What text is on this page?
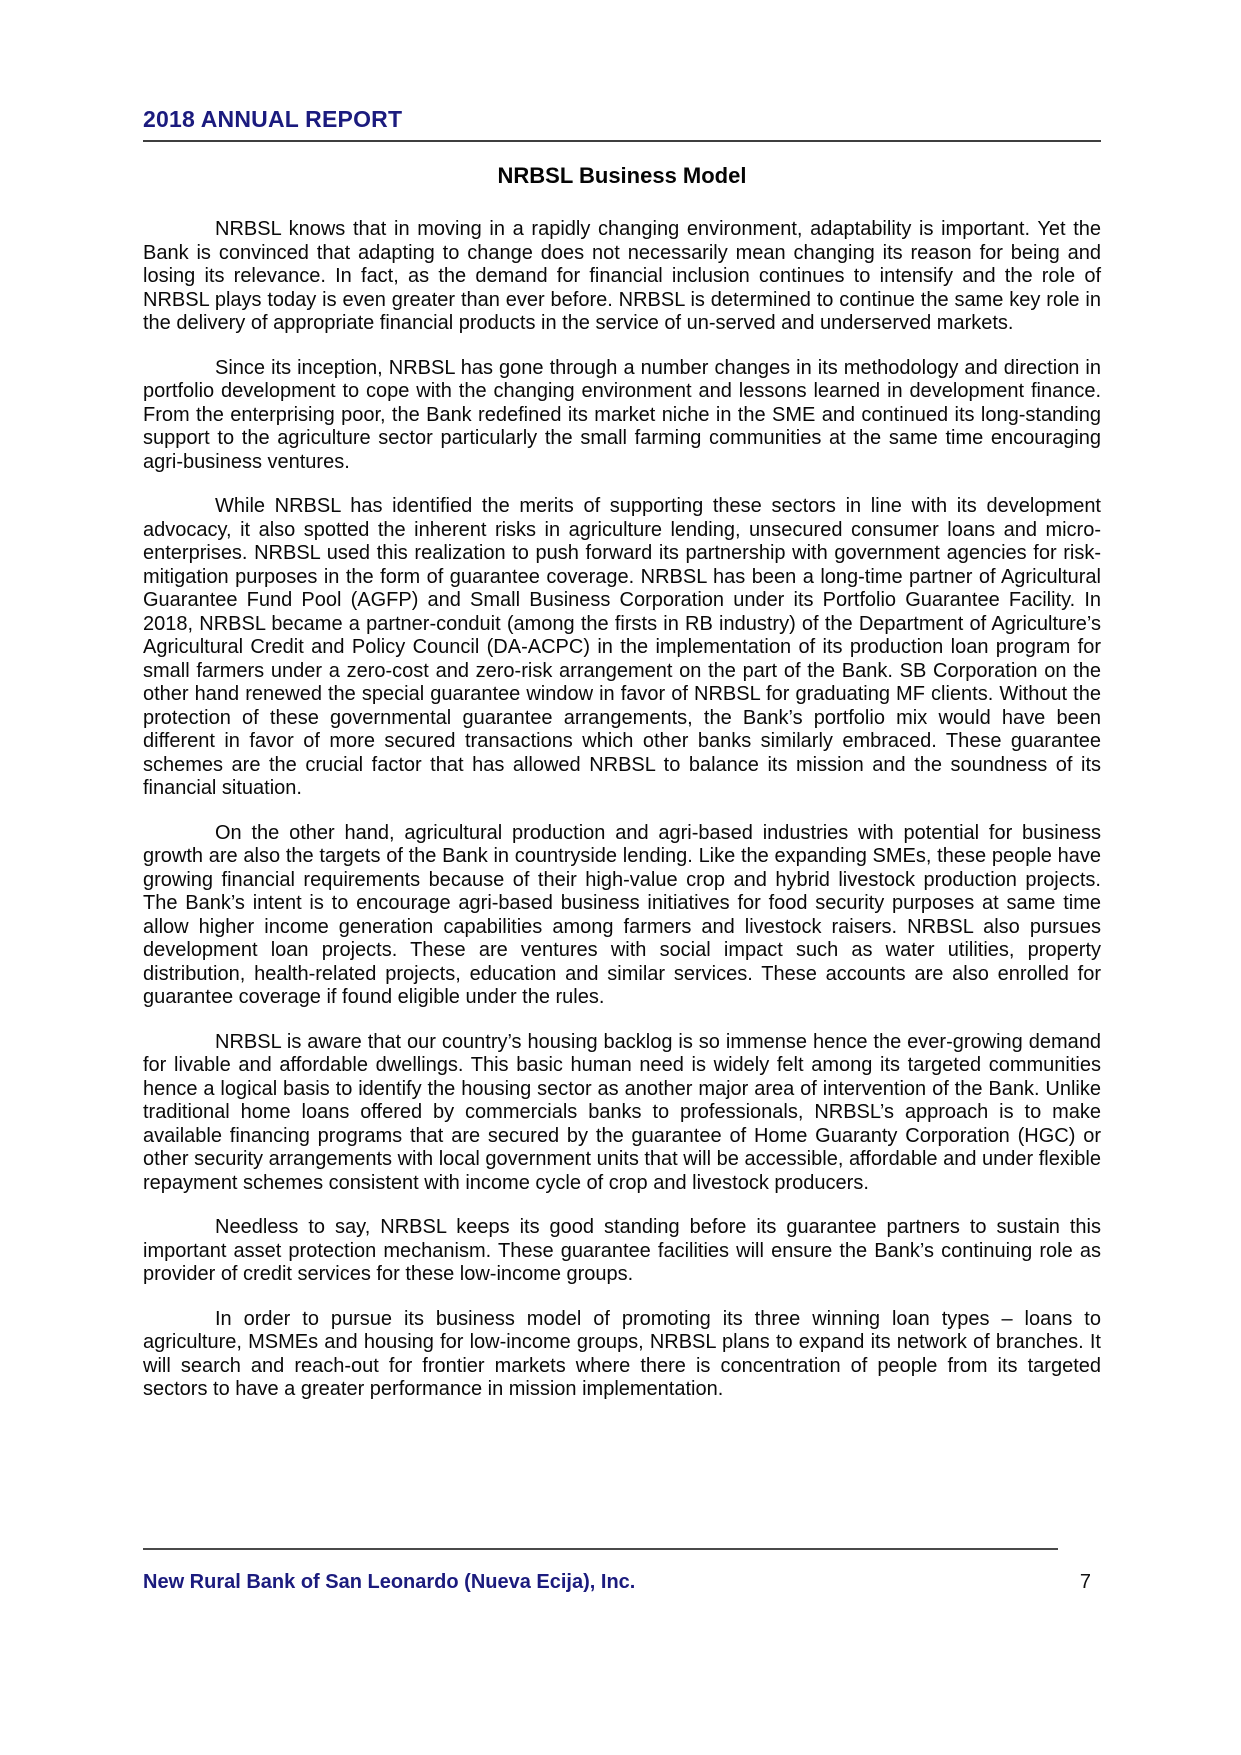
2018 ANNUAL REPORT
NRBSL Business Model

NRBSL knows that in moving in a rapidly changing environment, adaptability is important. Yet the Bank is convinced that adapting to change does not necessarily mean changing its reason for being and losing its relevance. In fact, as the demand for financial inclusion continues to intensify and the role of NRBSL plays today is even greater than ever before. NRBSL is determined to continue the same key role in the delivery of appropriate financial products in the service of un-served and underserved markets.

Since its inception, NRBSL has gone through a number changes in its methodology and direction in portfolio development to cope with the changing environment and lessons learned in development finance. From the enterprising poor, the Bank redefined its market niche in the SME and continued its long-standing support to the agriculture sector particularly the small farming communities at the same time encouraging agri-business ventures.

While NRBSL has identified the merits of supporting these sectors in line with its development advocacy, it also spotted the inherent risks in agriculture lending, unsecured consumer loans and micro-enterprises. NRBSL used this realization to push forward its partnership with government agencies for risk-mitigation purposes in the form of guarantee coverage. NRBSL has been a long-time partner of Agricultural Guarantee Fund Pool (AGFP) and Small Business Corporation under its Portfolio Guarantee Facility. In 2018, NRBSL became a partner-conduit (among the firsts in RB industry) of the Department of Agriculture’s Agricultural Credit and Policy Council (DA-ACPC) in the implementation of its production loan program for small farmers under a zero-cost and zero-risk arrangement on the part of the Bank. SB Corporation on the other hand renewed the special guarantee window in favor of NRBSL for graduating MF clients. Without the protection of these governmental guarantee arrangements, the Bank’s portfolio mix would have been different in favor of more secured transactions which other banks similarly embraced. These guarantee schemes are the crucial factor that has allowed NRBSL to balance its mission and the soundness of its financial situation.

On the other hand, agricultural production and agri-based industries with potential for business growth are also the targets of the Bank in countryside lending. Like the expanding SMEs, these people have growing financial requirements because of their high-value crop and hybrid livestock production projects. The Bank’s intent is to encourage agri-based business initiatives for food security purposes at same time allow higher income generation capabilities among farmers and livestock raisers. NRBSL also pursues development loan projects. These are ventures with social impact such as water utilities, property distribution, health-related projects, education and similar services. These accounts are also enrolled for guarantee coverage if found eligible under the rules.

NRBSL is aware that our country’s housing backlog is so immense hence the ever-growing demand for livable and affordable dwellings. This basic human need is widely felt among its targeted communities hence a logical basis to identify the housing sector as another major area of intervention of the Bank. Unlike traditional home loans offered by commercials banks to professionals, NRBSL’s approach is to make available financing programs that are secured by the guarantee of Home Guaranty Corporation (HGC) or other security arrangements with local government units that will be accessible, affordable and under flexible repayment schemes consistent with income cycle of crop and livestock producers.

Needless to say, NRBSL keeps its good standing before its guarantee partners to sustain this important asset protection mechanism. These guarantee facilities will ensure the Bank’s continuing role as provider of credit services for these low-income groups.

In order to pursue its business model of promoting its three winning loan types – loans to agriculture, MSMEs and housing for low-income groups, NRBSL plans to expand its network of branches. It will search and reach-out for frontier markets where there is concentration of people from its targeted sectors to have a greater performance in mission implementation.

New Rural Bank of San Leonardo (Nueva Ecija), Inc.	7
